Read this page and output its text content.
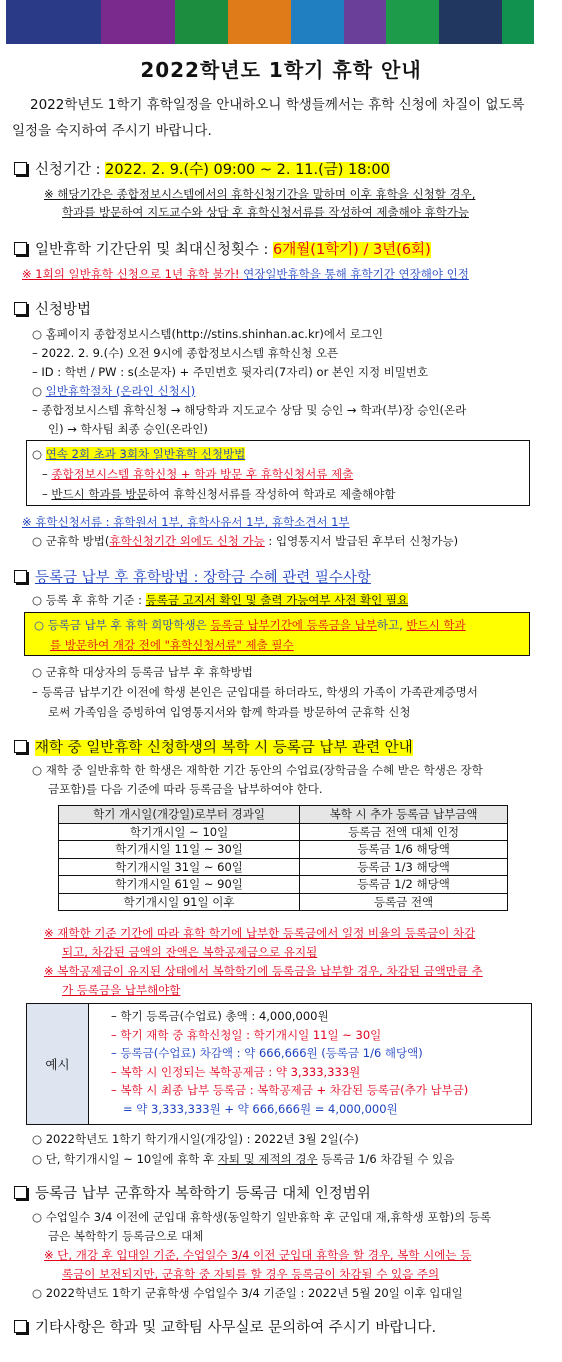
2022학년도 1학기 휴학 안내
2022학년도 1학기 휴학일정을 안내하오니 학생들께서는 휴학 신청에 차질이 없도록 일정을 숙지하여 주시기 바랍니다.
신청기간 : 2022. 2. 9.(수) 09:00 ~ 2. 11.(금) 18:00
※ 해당기간은 종합정보시스템에서의 휴학신청기간을 말하며 이후 휴학을 신청할 경우,
학과를 방문하여 지도교수와 상담 후 휴학신청서류를 작성하여 제출해야 휴학가능
일반휴학 기간단위 및 최대신청횟수 : 6개월(1학기) / 3년(6회)
※ 1회의 일반휴학 신청으로 1년 휴학 불가! 연장일반휴학을 통해 휴학기간 연장해야 인정
신청방법
○ 홈페이지 종합정보시스템(http://stins.shinhan.ac.kr)에서 로그인
– 2022. 2. 9.(수) 오전 9시에 종합정보시스템 휴학신청 오픈
– ID : 학번 / PW : s(소문자) + 주민번호 뒷자리(7자리) or 본인 지정 비밀번호
○ 일반휴학절차 (온라인 신청시)
– 종합정보시스템 휴학신청 → 해당학과 지도교수 상담 및 승인 → 학과(부)장 승인(온라
인) → 학사팀 최종 승인(온라인)
○ 연속 2회 초과 3회차 일반휴학 신청방법
– 종합정보시스템 휴학신청 + 학과 방문 후 휴학신청서류 제출
– 반드시 학과를 방문하여 휴학신청서류를 작성하여 학과로 제출해야함
※ 휴학신청서류 : 휴학원서 1부, 휴학사유서 1부, 휴학소견서 1부
○ 군휴학 방법(휴학신청기간 외에도 신청 가능 : 입영통지서 발급된 후부터 신청가능)
등록금 납부 후 휴학방법 : 장학금 수혜 관련 필수사항
○ 등록 후 휴학 기준 : 등록금 고지서 확인 및 출력 가능여부 사전 확인 필요
○ 등록금 납부 후 휴학 희망학생은 등록금 납부기간에 등록금을 납부하고, 반드시 학과
를 방문하여 개강 전에 "휴학신청서류" 제출 필수
○ 군휴학 대상자의 등록금 납부 후 휴학방법
– 등록금 납부기간 이전에 학생 본인은 군입대를 하더라도, 학생의 가족이 가족관계증명서
로써 가족임을 증빙하여 입영통지서와 함께 학과를 방문하여 군휴학 신청
재학 중 일반휴학 신청학생의 복학 시 등록금 납부 관련 안내
○ 재학 중 일반휴학 한 학생은 재학한 기간 동안의 수업료(장학금을 수혜 받은 학생은 장학
금포함)를 다음 기준에 따라 등록금을 납부하여야 한다.
학기 개시일(개강일)로부터 경과일	복학 시 추가 등록금 납부금액
학기개시일 ~ 10일	등록금 전액 대체 인정
학기개시일 11일 ~ 30일	등록금 1/6 해당액
학기개시일 31일 ~ 60일	등록금 1/3 해당액
학기개시일 61일 ~ 90일	등록금 1/2 해당액
학기개시일 91일 이후	등록금 전액
※ 재학한 기준 기간에 따라 휴학 학기에 납부한 등록금에서 일정 비율의 등록금이 차감
되고, 차감된 금액의 잔액은 복학공제금으로 유지됨
※ 복학공제금이 유지된 상태에서 복학학기에 등록금을 납부할 경우, 차감된 금액만큼 추
가 등록금을 납부해야함
예시
– 학기 등록금(수업료) 총액 : 4,000,000원
– 학기 재학 중 휴학신청일 : 학기개시일 11일 ~ 30일
– 등록금(수업료) 차감액 : 약 666,666원 (등록금 1/6 해당액)
– 복학 시 인정되는 복학공제금 : 약 3,333,333원
– 복학 시 최종 납부 등록금 : 복학공제금 + 차감된 등록금(추가 납부금)
= 약 3,333,333원 + 약 666,666원 = 4,000,000원
○ 2022학년도 1학기 학기개시일(개강일) : 2022년 3월 2일(수)
○ 단, 학기개시일 ~ 10일에 휴학 후 자퇴 및 제적의 경우 등록금 1/6 차감될 수 있음
등록금 납부 군휴학자 복학학기 등록금 대체 인정범위
○ 수업일수 3/4 이전에 군입대 휴학생(동일학기 일반휴학 후 군입대 재,휴학생 포함)의 등록
금은 복학학기 등록금으로 대체
※ 단, 개강 후 입대일 기준, 수업일수 3/4 이전 군입대 휴학을 할 경우, 복학 시에는 등
록금이 보전되지만, 군휴학 중 자퇴를 할 경우 등록금이 차감될 수 있음 주의
○ 2022학년도 1학기 군휴학생 수업일수 3/4 기준일 : 2022년 5월 20일 이후 입대일
기타사항은 학과 및 교학팀 사무실로 문의하여 주시기 바랍니다.
